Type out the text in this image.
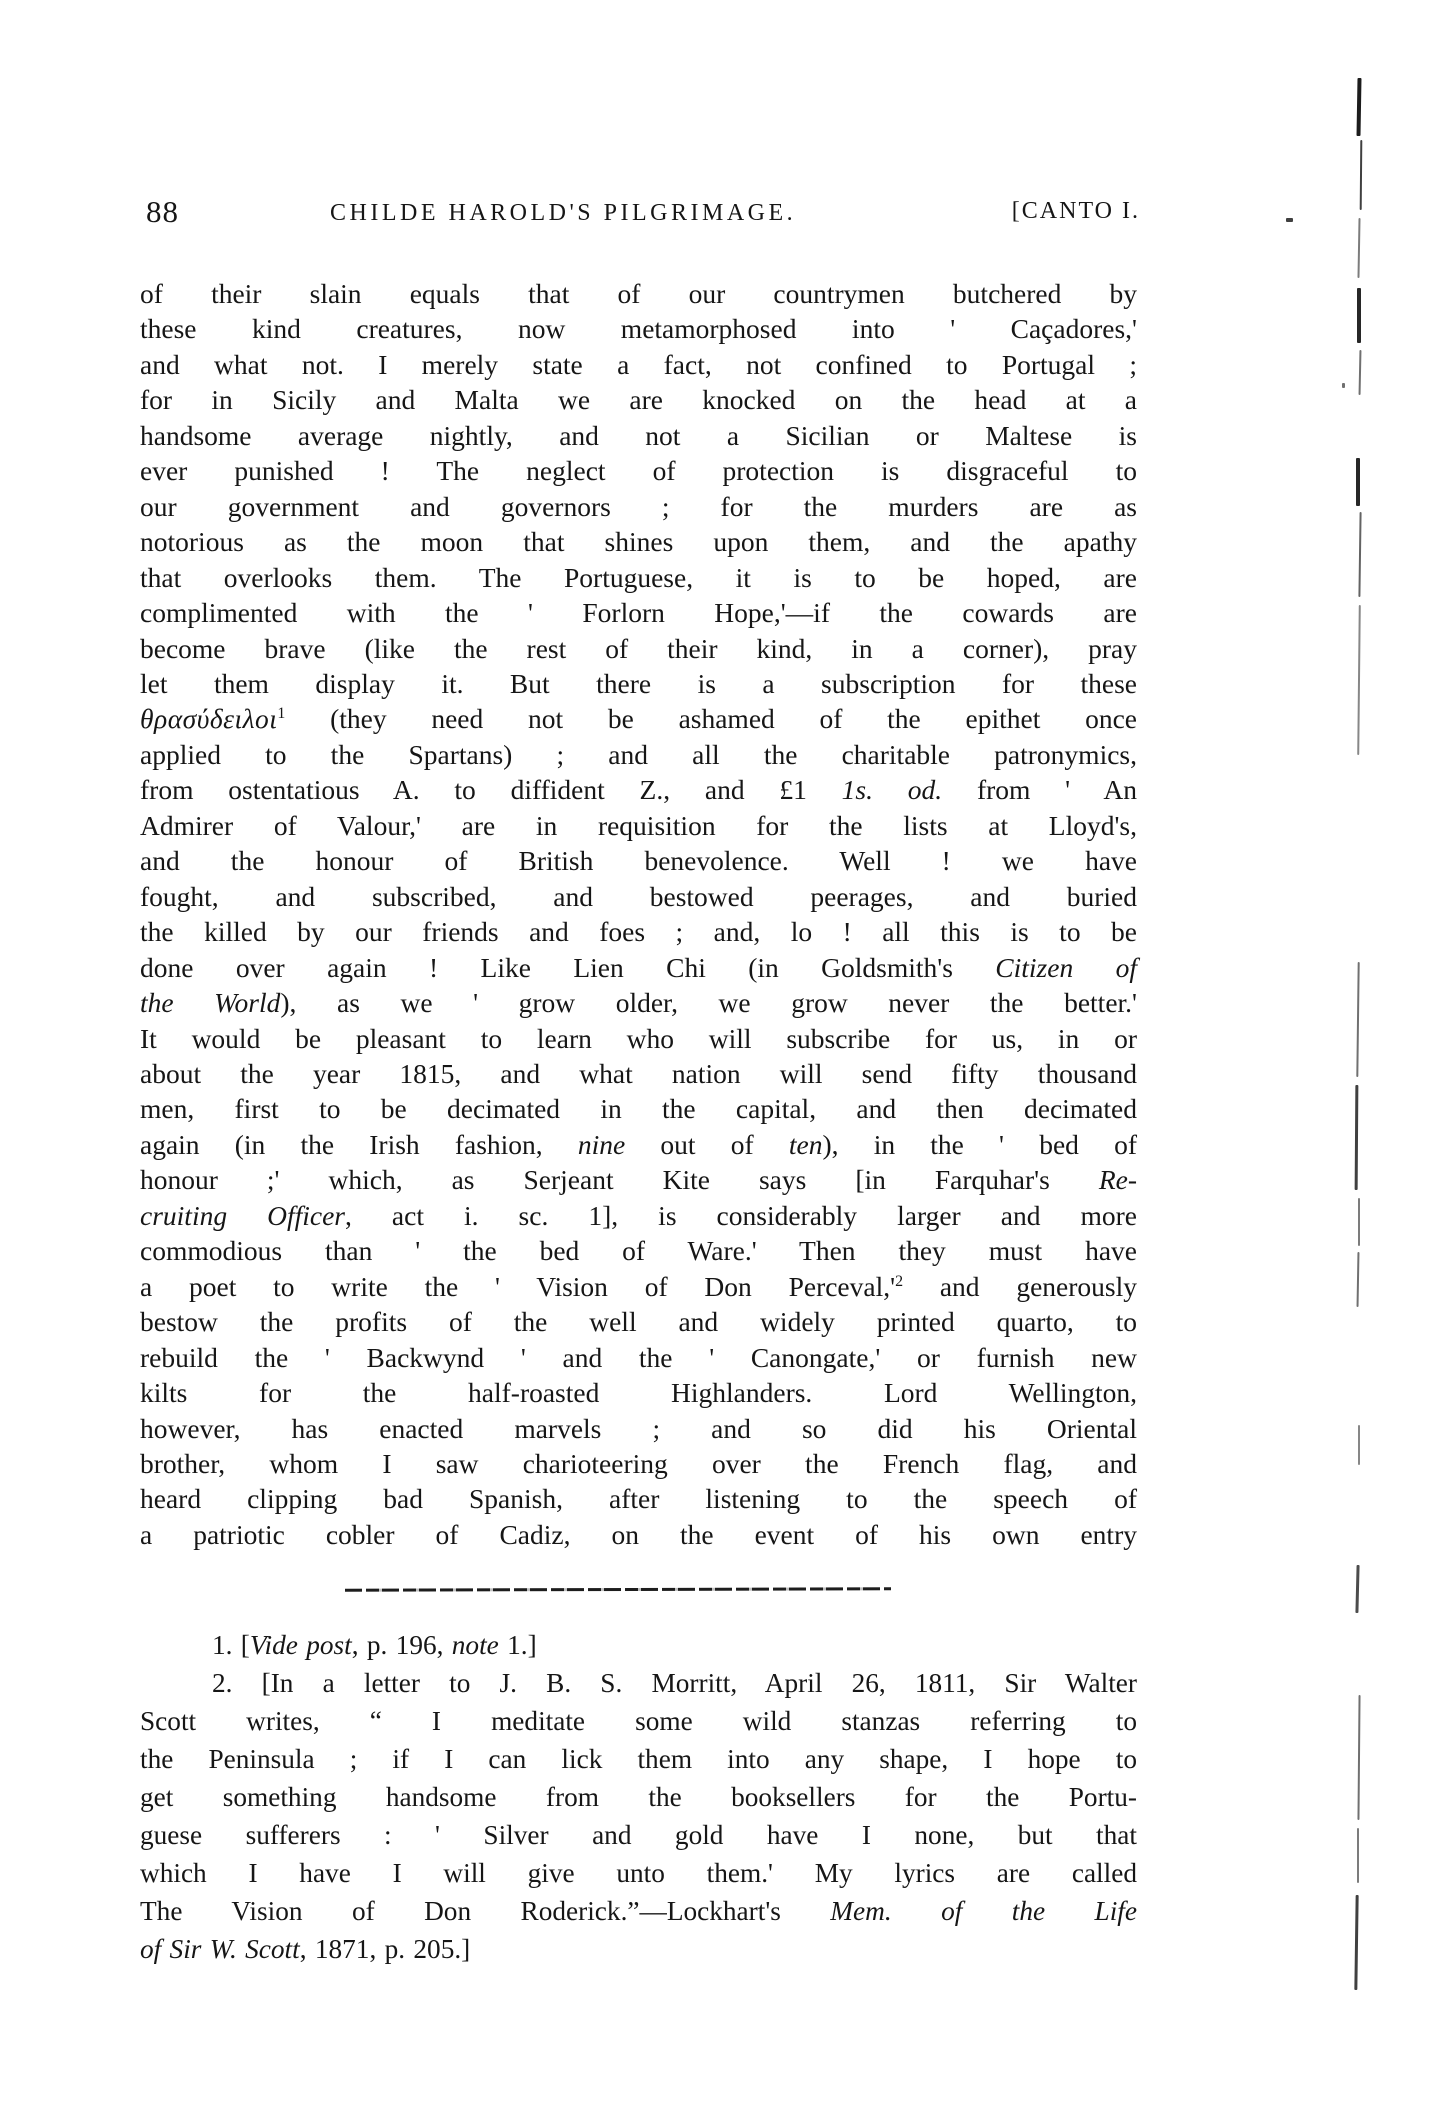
88	CHILDE HAROLD'S PILGRIMAGE.	[CANTO I.
of their slain equals that of our countrymen butchered by
these kind creatures, now metamorphosed into ' Caçadores,'
and what not. I merely state a fact, not confined to Portugal ;
for in Sicily and Malta we are knocked on the head at a
handsome average nightly, and not a Sicilian or Maltese is
ever punished ! The neglect of protection is disgraceful to
our government and governors ; for the murders are as
notorious as the moon that shines upon them, and the apathy
that overlooks them. The Portuguese, it is to be hoped, are
complimented with the ' Forlorn Hope,'—if the cowards are
become brave (like the rest of their kind, in a corner), pray
let them display it. But there is a subscription for these
θρασύδειλοι$^1$ (they need not be ashamed of the epithet once
applied to the Spartans) ; and all the charitable patronymics,
from ostentatious A. to diffident Z., and £1 1s. od. from ' An
Admirer of Valour,' are in requisition for the lists at Lloyd's,
and the honour of British benevolence. Well ! we have
fought, and subscribed, and bestowed peerages, and buried
the killed by our friends and foes ; and, lo ! all this is to be
done over again ! Like Lien Chi (in Goldsmith's Citizen of
the World), as we ' grow older, we grow never the better.'
It would be pleasant to learn who will subscribe for us, in or
about the year 1815, and what nation will send fifty thousand
men, first to be decimated in the capital, and then decimated
again (in the Irish fashion, nine out of ten), in the ' bed of
honour ;' which, as Serjeant Kite says [in Farquhar's Re-
cruiting Officer, act i. sc. 1], is considerably larger and more
commodious than ' the bed of Ware.' Then they must have
a poet to write the ' Vision of Don $Perceval,'^2$ and generously
bestow the profits of the well and widely printed quarto, to
rebuild the ' Backwynd ' and the ' Canongate,' or furnish new
kilts for the half-roasted Highlanders. Lord Wellington,
however, has enacted marvels ; and so did his Oriental
brother, whom I saw charioteering over the French flag, and
heard clipping bad Spanish, after listening to the speech of
a patriotic cobler of Cadiz, on the event of his own entry
1. [Vide post, p. 196, note 1.]
2. [In a letter to J. B. S. Morritt, April 26, 1811, Sir Walter
Scott writes, “ I meditate some wild stanzas referring to
the Peninsula ; if I can lick them into any shape, I hope to
get something handsome from the booksellers for the Portu-
guese sufferers : ' Silver and gold have I none, but that
which I have I will give unto them.' My lyrics are called
The Vision of Don Roderick.”—Lockhart's Mem. of the Life
of Sir W. Scott, 1871, p. 205.]
